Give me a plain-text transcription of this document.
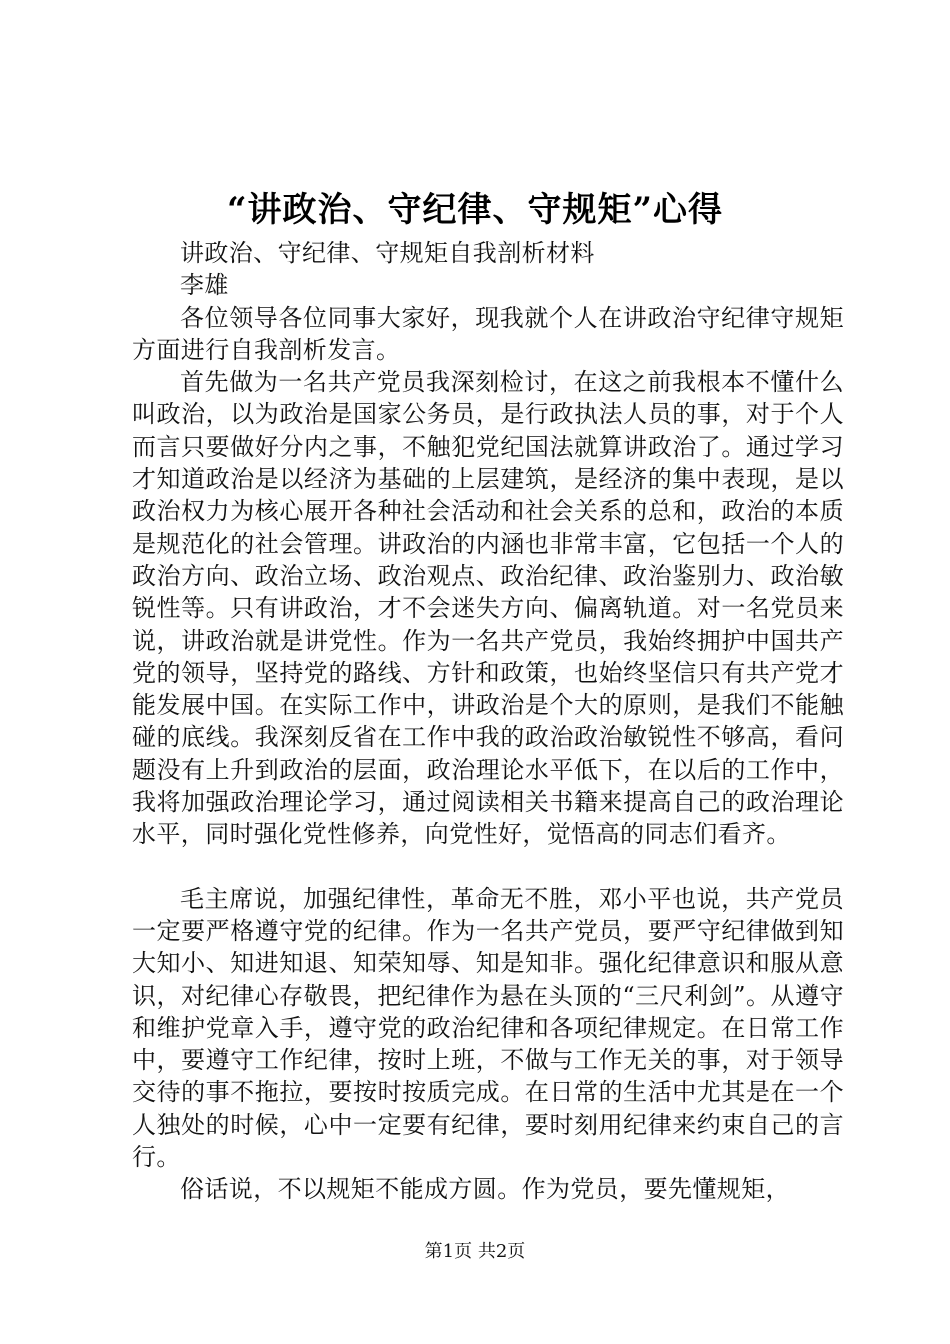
“讲政治、守纪律、守规矩”心得

讲政治、守纪律、守规矩自我剖析材料

李雄

各位领导各位同事大家好，现我就个人在讲政治守纪律守规矩方面进行自我剖析发言。

首先做为一名共产党员我深刻检讨，在这之前我根本不懂什么叫政治，以为政治是国家公务员，是行政执法人员的事，对于个人而言只要做好分内之事，不触犯党纪国法就算讲政治了。通过学习才知道政治是以经济为基础的上层建筑，是经济的集中表现，是以政治权力为核心展开各种社会活动和社会关系的总和，政治的本质是规范化的社会管理。讲政治的内涵也非常丰富，它包括一个人的政治方向、政治立场、政治观点、政治纪律、政治鉴别力、政治敏锐性等。只有讲政治，才不会迷失方向、偏离轨道。对一名党员来说，讲政治就是讲党性。作为一名共产党员，我始终拥护中国共产党的领导，坚持党的路线、方针和政策，也始终坚信只有共产党才能发展中国。在实际工作中，讲政治是个大的原则，是我们不能触碰的底线。我深刻反省在工作中我的政治政治敏锐性不够高，看问题没有上升到政治的层面，政治理论水平低下，在以后的工作中，我将加强政治理论学习，通过阅读相关书籍来提高自己的政治理论水平，同时强化党性修养，向党性好，觉悟高的同志们看齐。

毛主席说，加强纪律性，革命无不胜，邓小平也说，共产党员一定要严格遵守党的纪律。作为一名共产党员，要严守纪律做到知大知小、知进知退、知荣知辱、知是知非。强化纪律意识和服从意识，对纪律心存敬畏，把纪律作为悬在头顶的“三尺利剑”。从遵守和维护党章入手，遵守党的政治纪律和各项纪律规定。在日常工作中，要遵守工作纪律，按时上班，不做与工作无关的事，对于领导交待的事不拖拉，要按时按质完成。在日常的生活中尤其是在一个人独处的时候，心中一定要有纪律，要时刻用纪律来约束自己的言行。

俗话说，不以规矩不能成方圆。作为党员，要先懂规矩，

第1页 共2页
